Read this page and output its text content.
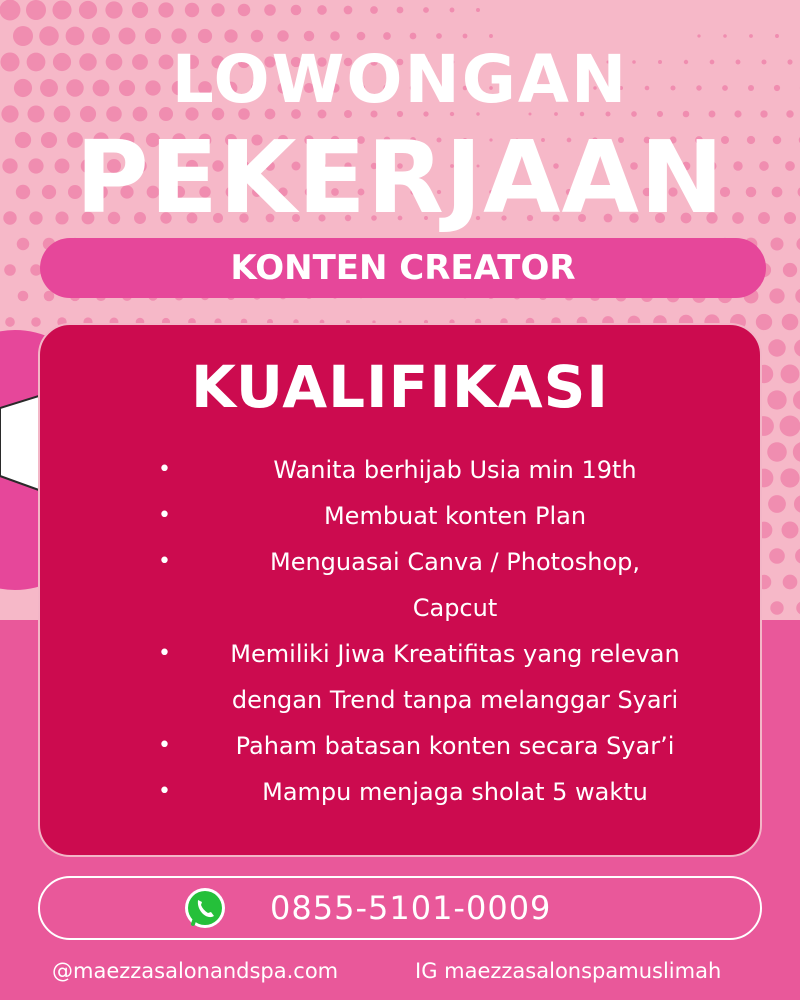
LOWONGAN
PEKERJAAN
KONTEN CREATOR
KUALIFIKASI
•	Wanita berhijab Usia min 19th
•	Membuat konten Plan
•	Menguasai Canva / Photoshop,
Capcut
•	Memiliki Jiwa Kreatifitas yang relevan
dengan Trend tanpa melanggar Syari
•	Paham batasan konten secara Syar’i
•	Mampu menjaga sholat 5 waktu
0855-5101-0009
@maezzasalonandspa.com	IG maezzasalonspamuslimah
